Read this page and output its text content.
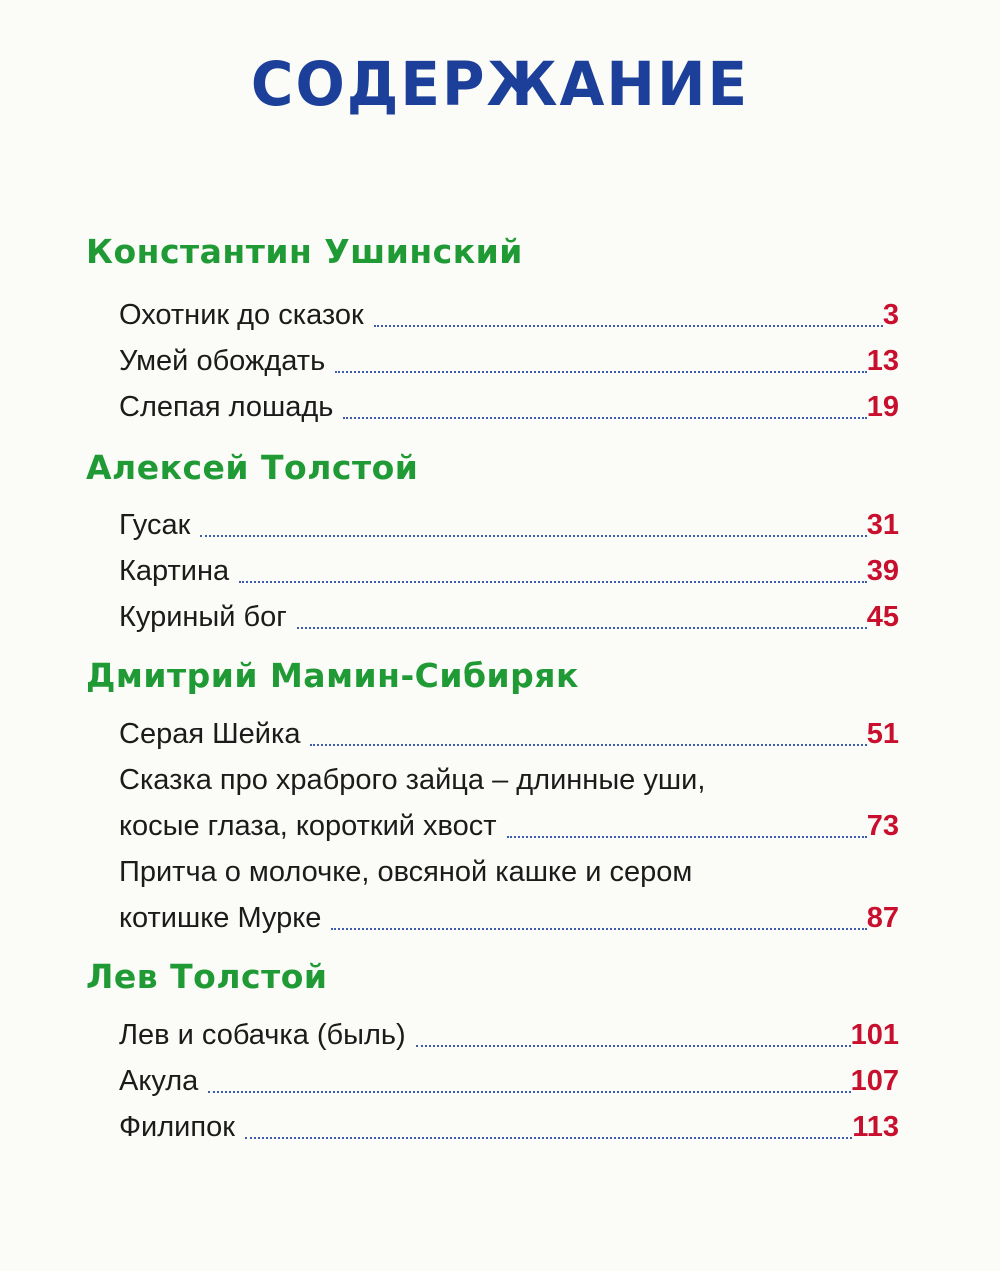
СОДЕРЖАНИЕ
Константин Ушинский
Охотник до сказок	3
Умей обождать	13
Слепая лошадь	19
Алексей Толстой
Гусак	31
Картина	39
Куриный бог	45
Дмитрий Мамин-Сибиряк
Серая Шейка	51
Сказка про храброго зайца – длинные уши,
косые глаза, короткий хвост	73
Притча о молочке, овсяной кашке и сером
котишке Мурке	87
Лев Толстой
Лев и собачка (быль)	101
Акула	107
Филипок	113
